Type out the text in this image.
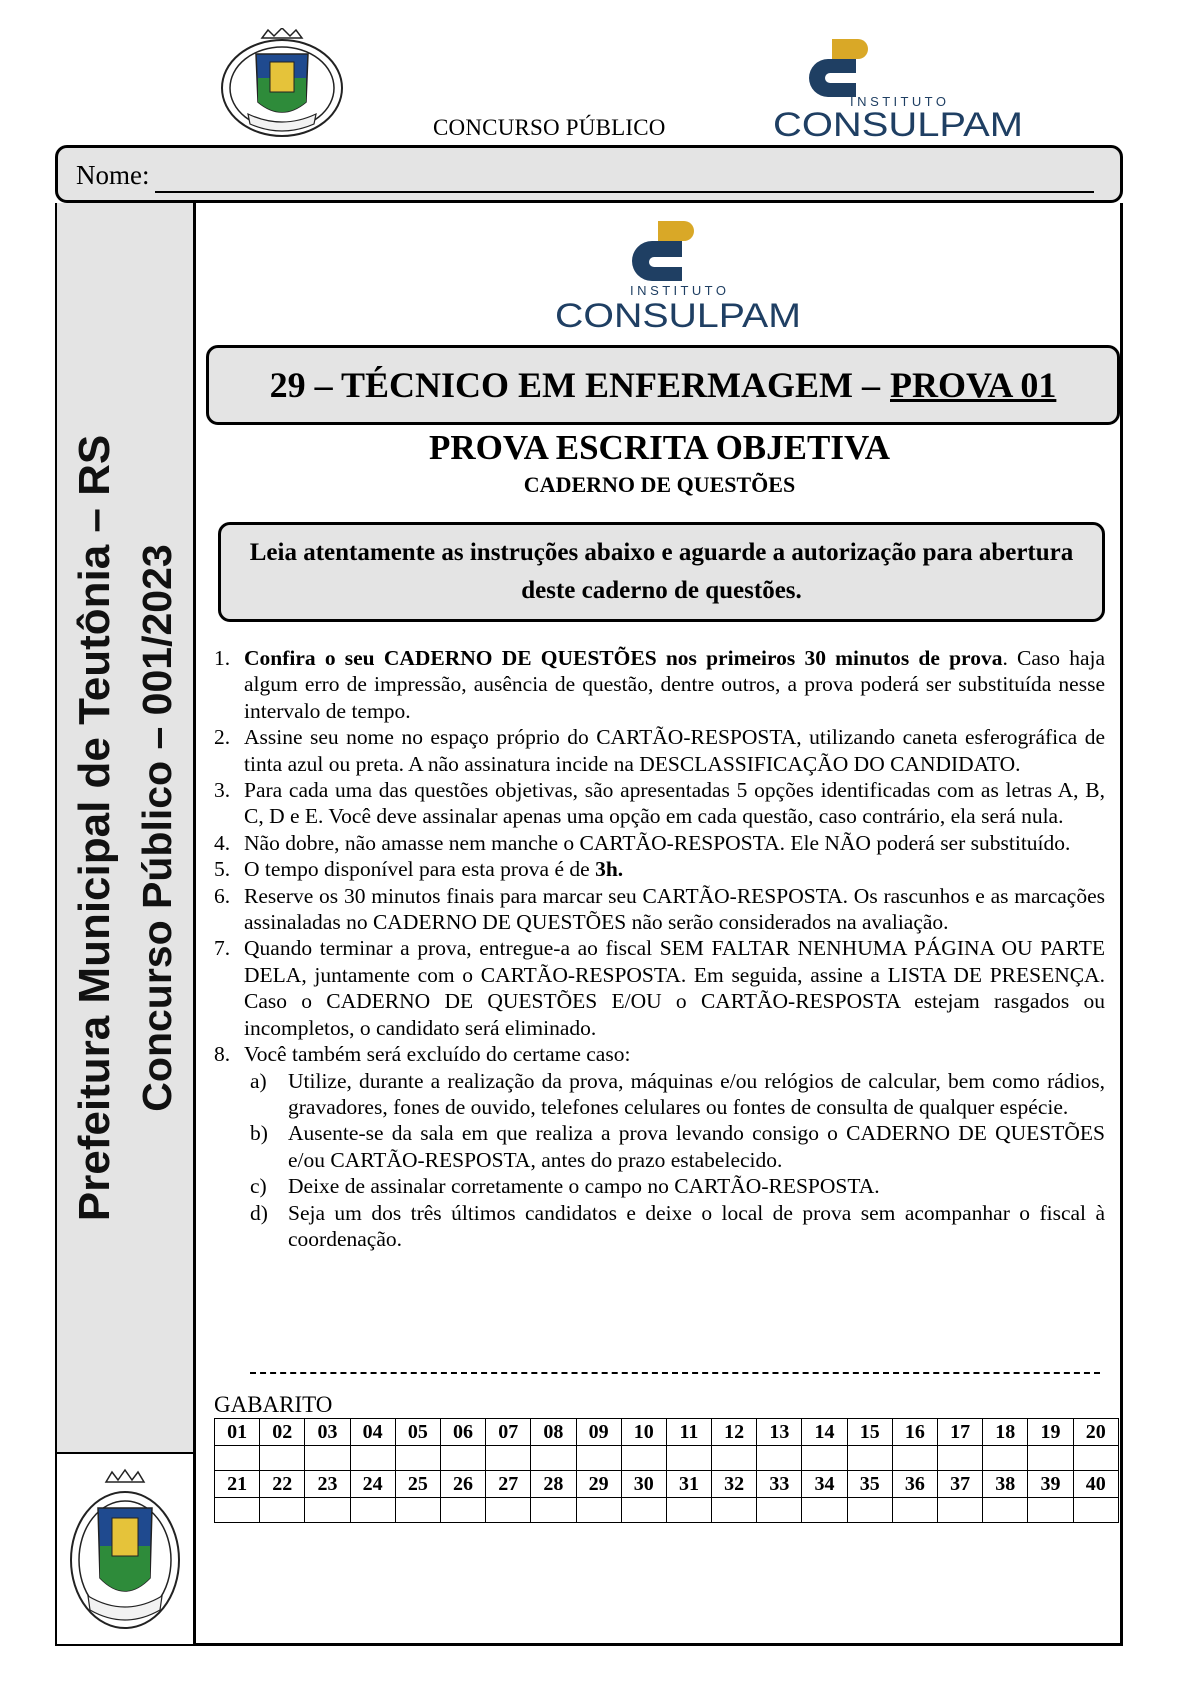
CONCURSO PÚBLICO
I N S T I T U T O
CONSULPAM
Nome:
Prefeitura Municipal de Teutônia – RS Concurso Público – 001/2023
I N S T I T U T O
CONSULPAM
29 – TÉCNICO EM ENFERMAGEM – PROVA 01
PROVA ESCRITA OBJETIVA
CADERNO DE QUESTÕES
Leia atentamente as instruções abaixo e aguarde a autorização para abertura deste caderno de questões.
1. Confira o seu CADERNO DE QUESTÕES nos primeiros 30 minutos de prova. Caso haja algum erro de impressão, ausência de questão, dentre outros, a prova poderá ser substituída nesse intervalo de tempo.
2. Assine seu nome no espaço próprio do CARTÃO-RESPOSTA, utilizando caneta esferográfica de tinta azul ou preta. A não assinatura incide na DESCLASSIFICAÇÃO DO CANDIDATO.
3. Para cada uma das questões objetivas, são apresentadas 5 opções identificadas com as letras A, B, C, D e E. Você deve assinalar apenas uma opção em cada questão, caso contrário, ela será nula.
4. Não dobre, não amasse nem manche o CARTÃO-RESPOSTA. Ele NÃO poderá ser substituído.
5. O tempo disponível para esta prova é de 3h.
6. Reserve os 30 minutos finais para marcar seu CARTÃO-RESPOSTA. Os rascunhos e as marcações assinaladas no CADERNO DE QUESTÕES não serão considerados na avaliação.
7. Quando terminar a prova, entregue-a ao fiscal SEM FALTAR NENHUMA PÁGINA OU PARTE DELA, juntamente com o CARTÃO-RESPOSTA. Em seguida, assine a LISTA DE PRESENÇA. Caso o CADERNO DE QUESTÕES E/OU o CARTÃO-RESPOSTA estejam rasgados ou incompletos, o candidato será eliminado.
8. Você também será excluído do certame caso:
a) Utilize, durante a realização da prova, máquinas e/ou relógios de calcular, bem como rádios, gravadores, fones de ouvido, telefones celulares ou fontes de consulta de qualquer espécie.
b) Ausente-se da sala em que realiza a prova levando consigo o CADERNO DE QUESTÕES e/ou CARTÃO-RESPOSTA, antes do prazo estabelecido.
c) Deixe de assinalar corretamente o campo no CARTÃO-RESPOSTA.
d) Seja um dos três últimos candidatos e deixe o local de prova sem acompanhar o fiscal à coordenação.
GABARITO
01	02	03	04	05	06	07	08	09	10	11	12	13	14	15	16	17	18	19	20

21	22	23	24	25	26	27	28	29	30	31	32	33	34	35	36	37	38	39	40
